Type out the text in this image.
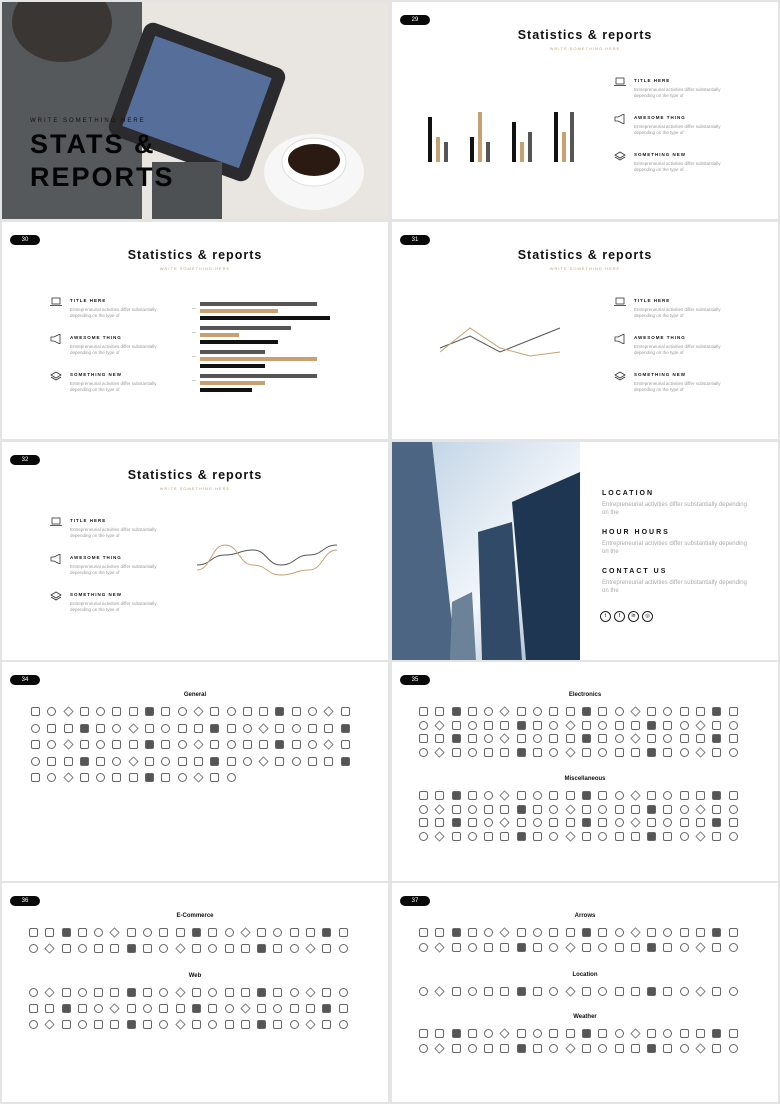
WRITE SOMETHING HERE
STATS &
REPORTS
29
Statistics & reports
WRITE SOMETHING HERE
TITLE HERE
Entrepreneurial activities differ substantially depending on the type of
AWESOME THING
Entrepreneurial activities differ substantially depending on the type of
SOMETHING NEW
Entrepreneurial activities differ substantially depending on the type of
30
Statistics & reports
WRITE SOMETHING HERE
TITLE HERE
Entrepreneurial activities differ substantially depending on the type of
AWESOME THING
Entrepreneurial activities differ substantially depending on the type of
SOMETHING NEW
Entrepreneurial activities differ substantially depending on the type of
31
Statistics & reports
WRITE SOMETHING HERE
TITLE HERE
Entrepreneurial activities differ substantially depending on the type of
AWESOME THING
Entrepreneurial activities differ substantially depending on the type of
SOMETHING NEW
Entrepreneurial activities differ substantially depending on the type of
32
Statistics & reports
WRITE SOMETHING HERE
TITLE HERE
Entrepreneurial activities differ substantially depending on the type of
AWESOME THING
Entrepreneurial activities differ substantially depending on the type of
SOMETHING NEW
Entrepreneurial activities differ substantially depending on the type of
LOCATION
Entrepreneurial activities differ substantially depending on the
HOUR HOURS
Entrepreneurial activities differ substantially depending on the
CONTACT US
Entrepreneurial activities differ substantially depending on the
t	f in ◎
34
General
35
Electronics
Miscellaneous
36
E-Commerce
Web
37
Arrows
Location
Weather
